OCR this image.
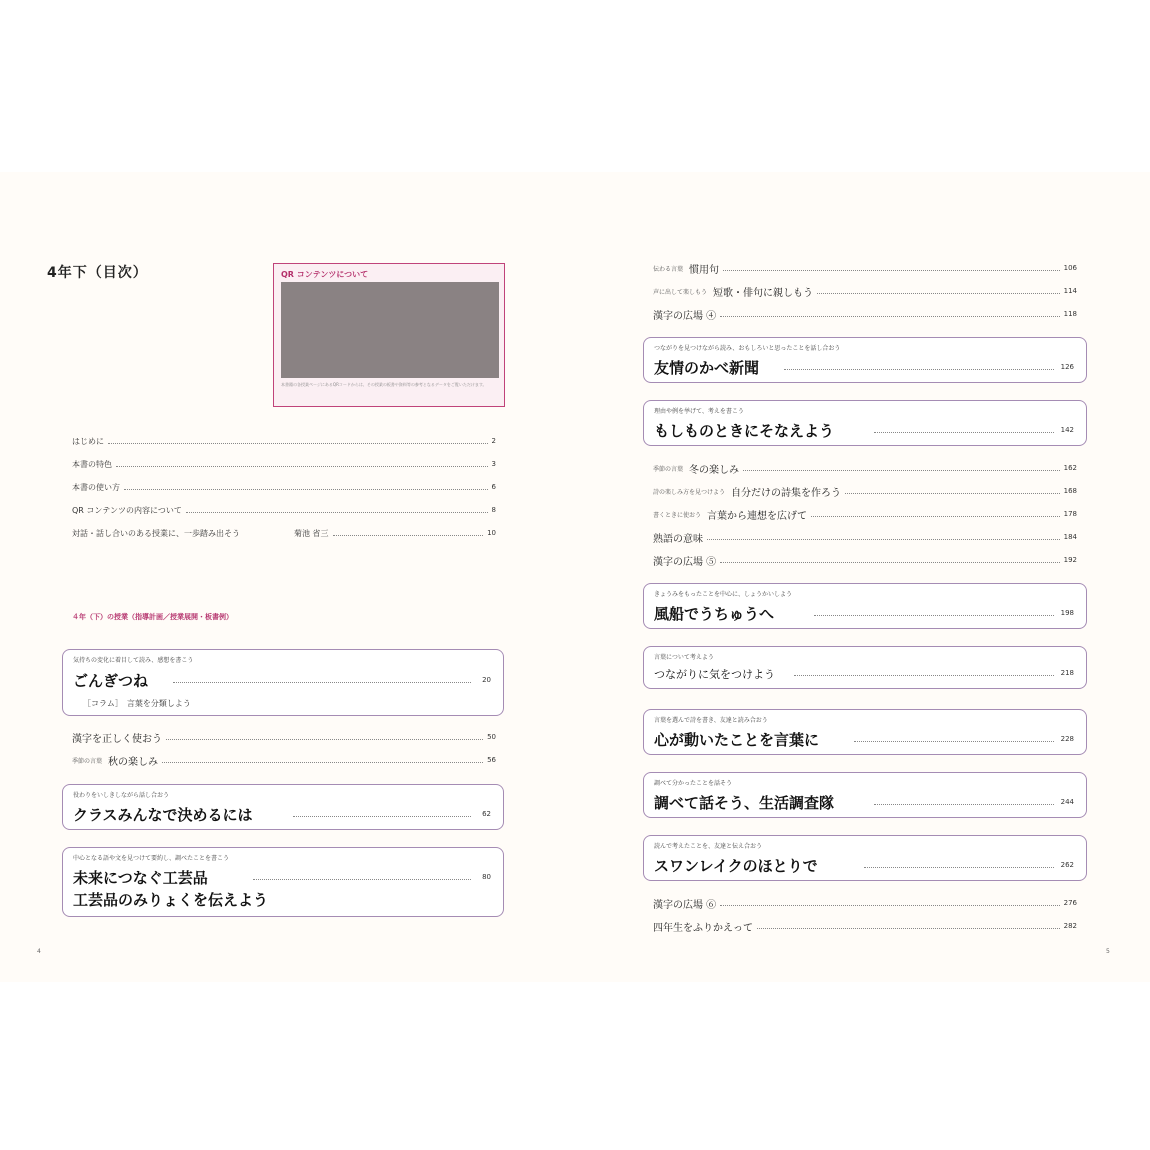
4年下（目次）	QR コンテンツについて
本書籍の各授業ページにあるQRコードからは、その授業の板書や資料等の参考となるデータをご覧いただけます。
はじめに	2
本書の特色	3
本書の使い方	6
QR コンテンツの内容について	8
対話・話し合いのある授業に、一歩踏み出そう	菊池 省三	10
４年（下）の授業（指導計画／授業展開・板書例）
気持ちの変化に着目して読み、感想を書こう
ごんぎつね	20
［コラム］　言葉を分類しよう
漢字を正しく使おう	50
季節の言葉 秋の楽しみ	56
役わりをいしきしながら話し合おう
クラスみんなで決めるには	62
中心となる語や文を見つけて要約し、調べたことを書こう
未来につなぐ工芸品
工芸品のみりょくを伝えよう
80
4
伝わる言葉 慣用句	106
声に出して楽しもう 短歌・俳句に親しもう	114
漢字の広場 ④	118
つながりを見つけながら読み、おもしろいと思ったことを話し合おう
友情のかべ新聞	126
理由や例を挙げて、考えを書こう
もしものときにそなえよう	142
季節の言葉 冬の楽しみ	162
詩の楽しみ方を見つけよう 自分だけの詩集を作ろう	168
書くときに使おう 言葉から連想を広げて	178
熟語の意味	184
漢字の広場 ⑤	192
きょうみをもったことを中心に、しょうかいしよう
風船でうちゅうへ	198
言葉について考えよう
つながりに気をつけよう	218
言葉を選んで詩を書き、友達と読み合おう
心が動いたことを言葉に	228
調べて分かったことを話そう
調べて話そう、生活調査隊	244
読んで考えたことを、友達と伝え合おう
スワンレイクのほとりで	262
漢字の広場 ⑥	276
四年生をふりかえって	282
5
